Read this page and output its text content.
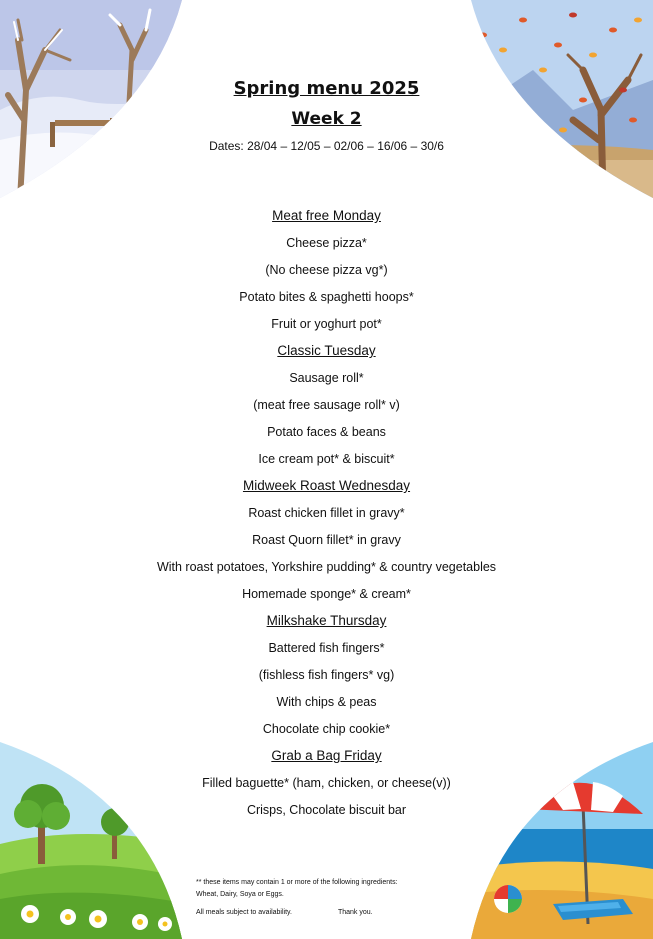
Spring menu 2025
Week 2
Dates: 28/04 – 12/05 – 02/06 – 16/06 – 30/6
Meat free Monday
Cheese pizza*
(No cheese pizza vg*)
Potato bites & spaghetti hoops*
Fruit or yoghurt pot*
Classic Tuesday
Sausage roll*
(meat free sausage roll* v)
Potato faces & beans
Ice cream pot* & biscuit*
Midweek Roast Wednesday
Roast chicken fillet in gravy*
Roast Quorn fillet* in gravy
With roast potatoes, Yorkshire pudding* & country vegetables
Homemade sponge* & cream*
Milkshake Thursday
Battered fish fingers*
(fishless fish fingers* vg)
With chips & peas
Chocolate chip cookie*
Grab a Bag Friday
Filled baguette* (ham, chicken, or cheese(v))
Crisps, Chocolate biscuit bar
** these items may contain 1 or more of the following ingredients:
Wheat, Dairy, Soya or Eggs.
All meals subject to availability.	Thank you.
